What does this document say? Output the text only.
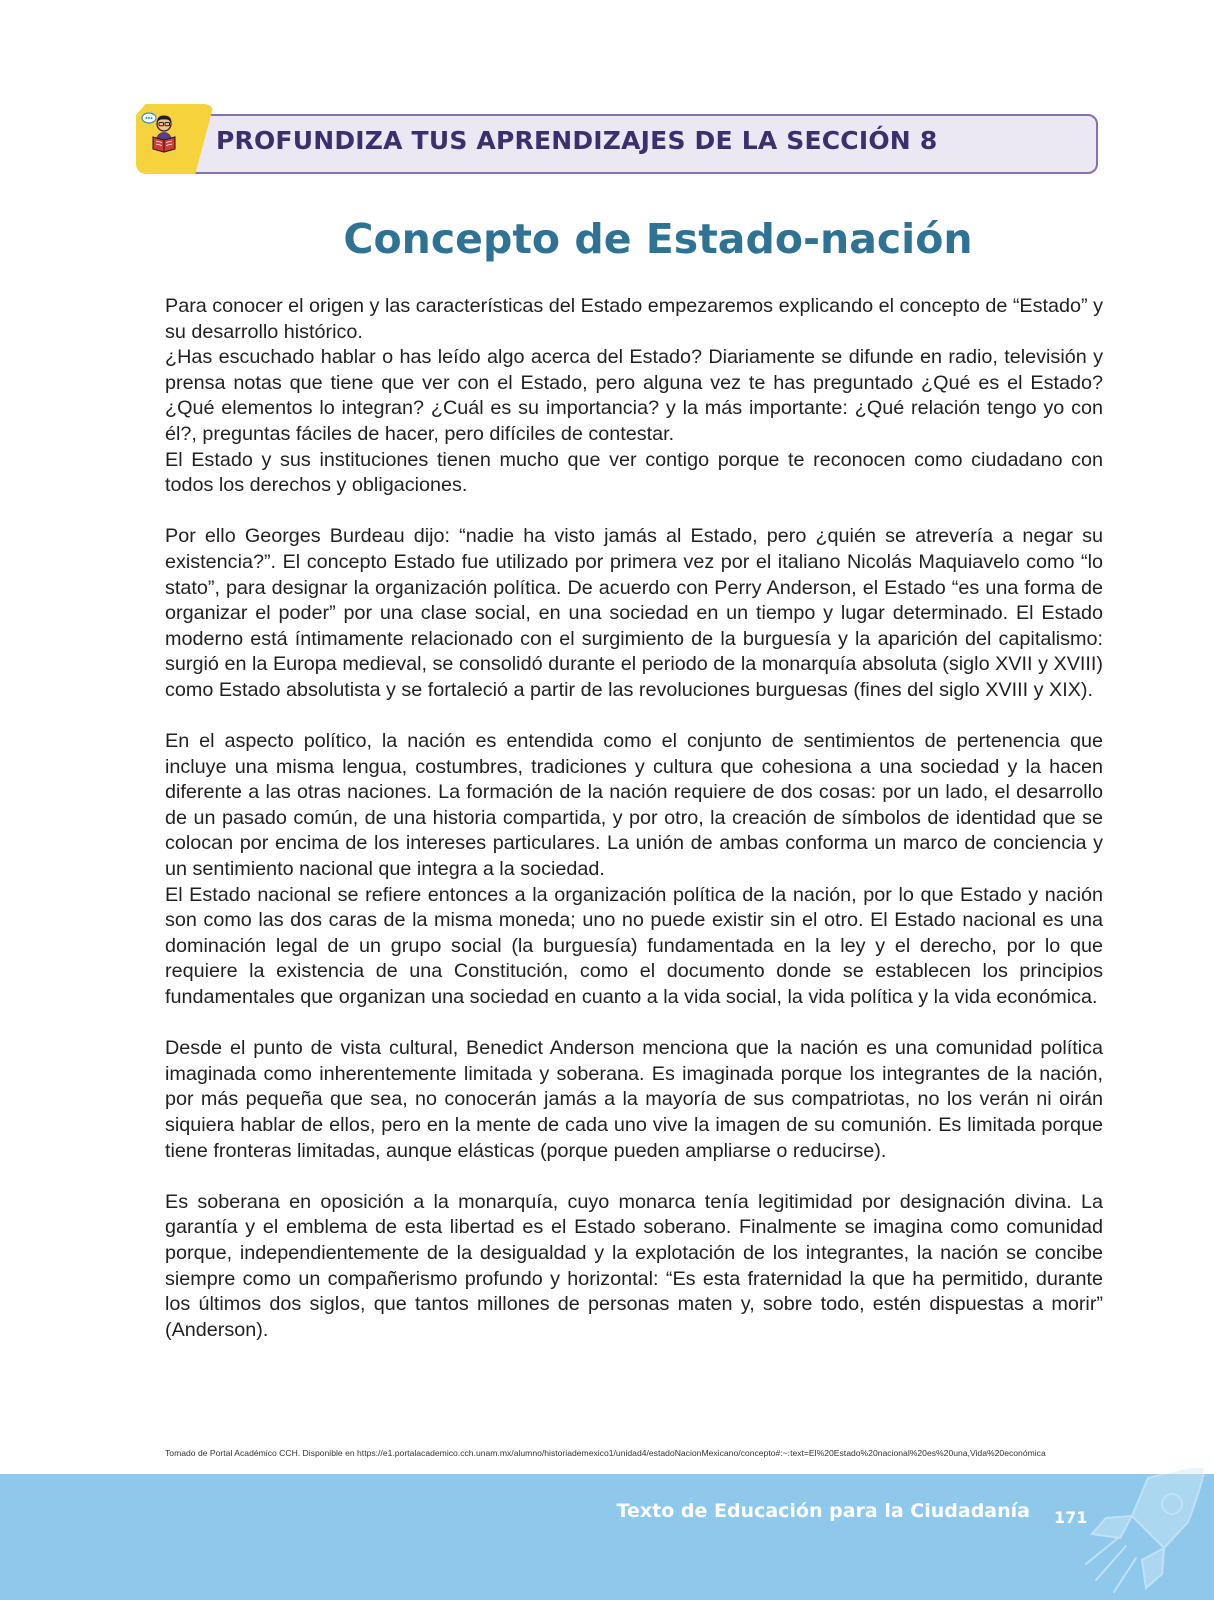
PROFUNDIZA TUS APRENDIZAJES DE LA SECCIÓN 8
Concepto de Estado-nación

Para conocer el origen y las características del Estado empezaremos explicando el concepto de “Estado” y su desarrollo histórico.

¿Has escuchado hablar o has leído algo acerca del Estado? Diariamente se difunde en radio, televisión y prensa notas que tiene que ver con el Estado, pero alguna vez te has preguntado ¿Qué es el Estado? ¿Qué elementos lo integran? ¿Cuál es su importancia? y la más importante: ¿Qué relación tengo yo con él?, preguntas fáciles de hacer, pero difíciles de contestar.

El Estado y sus instituciones tienen mucho que ver contigo porque te reconocen como ciudadano con todos los derechos y obligaciones.

Por ello Georges Burdeau dijo: “nadie ha visto jamás al Estado, pero ¿quién se atrevería a negar su existencia?”. El concepto Estado fue utilizado por primera vez por el italiano Nicolás Maquiavelo como “lo stato”, para designar la organización política. De acuerdo con Perry Anderson, el Estado “es una forma de organizar el poder” por una clase social, en una sociedad en un tiempo y lugar determinado. El Estado moderno está íntimamente relacionado con el surgimiento de la burguesía y la aparición del capitalismo: surgió en la Europa medieval, se consolidó durante el periodo de la monarquía absoluta (siglo XVII y XVIII) como Estado absolutista y se fortaleció a partir de las revoluciones burguesas (fines del siglo XVIII y XIX).

En el aspecto político, la nación es entendida como el conjunto de sentimientos de pertenencia que incluye una misma lengua, costumbres, tradiciones y cultura que cohesiona a una sociedad y la hacen diferente a las otras naciones. La formación de la nación requiere de dos cosas: por un lado, el desarrollo de un pasado común, de una historia compartida, y por otro, la creación de símbolos de identidad que se colocan por encima de los intereses particulares. La unión de ambas conforma un marco de conciencia y un sentimiento nacional que integra a la sociedad.

El Estado nacional se refiere entonces a la organización política de la nación, por lo que Estado y nación son como las dos caras de la misma moneda; uno no puede existir sin el otro. El Estado nacional es una dominación legal de un grupo social (la burguesía) fundamentada en la ley y el derecho, por lo que requiere la existencia de una Constitución, como el documento donde se establecen los principios fundamentales que organizan una sociedad en cuanto a la vida social, la vida política y la vida económica.

Desde el punto de vista cultural, Benedict Anderson menciona que la nación es una comunidad política imaginada como inherentemente limitada y soberana. Es imaginada porque los integrantes de la nación, por más pequeña que sea, no conocerán jamás a la mayoría de sus compatriotas, no los verán ni oirán siquiera hablar de ellos, pero en la mente de cada uno vive la imagen de su comunión. Es limitada porque tiene fronteras limitadas, aunque elásticas (porque pueden ampliarse o reducirse).

Es soberana en oposición a la monarquía, cuyo monarca tenía legitimidad por designación divina. La garantía y el emblema de esta libertad es el Estado soberano. Finalmente se imagina como comunidad porque, independientemente de la desigualdad y la explotación de los integrantes, la nación se concibe siempre como un compañerismo profundo y horizontal: “Es esta fraternidad la que ha permitido, durante los últimos dos siglos, que tantos millones de personas maten y, sobre todo, estén dispuestas a morir” (Anderson).

Tomado de Portal Académico CCH. Disponible en https://e1.portalacademico.cch.unam.mx/alumno/historiademexico1/unidad4/estadoNacionMexicano/concepto#:~:text=El%20Estado%20nacional%20es%20una,Vida%20económica
Texto de Educación para la Ciudadanía 171
